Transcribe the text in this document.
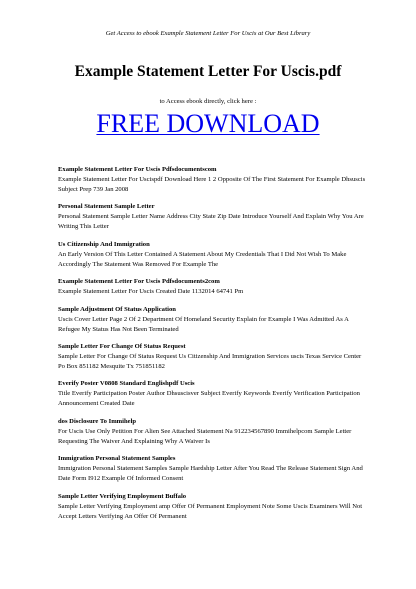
Get Access to ebook Example Statement Letter For Uscis at Our Best Library
Example Statement Letter For Uscis.pdf
to Access ebook directly, click here :
FREE DOWNLOAD
Example Statement Letter For Uscis Pdfsdocumentscom
Example Statement Letter For Uscispdf Download Here 1 2 Opposite Of The First Statement For Example Dhsuscis Subject Prep 739 Jan 2008
Personal Statement Sample Letter
Personal Statement Sample Letter Name Address City State Zip Date Introduce Yourself And Explain Why You Are Writing This Letter
Us Citizenship And Immigration
An Early Version Of This Letter Contained A Statement About My Credentials That I Did Not Wish To Make Accordingly The Statement Was Removed For Example The
Example Statement Letter For Uscis Pdfsdocuments2com
Example Statement Letter For Uscis Created Date 1132014 64741 Pm
Sample Adjustment Of Status Application
Uscis Cover Letter Page 2 Of 2 Department Of Homeland Security Explain for Example I Was Admitted As A Refugee My Status Has Not Been Terminated
Sample Letter For Change Of Status Request
Sample Letter For Change Of Status Request Us Citizenship And Immigration Services uscis Texas Service Center Po Box 851182 Mesquite Tx 751851182
Everify Poster V0808 Standard Englishpdf Uscis
Title Everify Participation Poster Author Dhsuscisver Subject Everify Keywords Everify Verification Participation Announcement Created Date
dos Disclosure To Immihelp
For Uscis Use Only Petition For Alien See Attached Statement Na 912234567890 Immihelpcom Sample Letter Requesting The Waiver And Explaining Why A Waiver Is
Immigration Personal Statement Samples
Immigration Personal Statement Samples Sample Hardship Letter After You Read The Release Statement Sign And Date Form I912 Example Of Informed Consent
Sample Letter Verifying Employment Buffalo
Sample Letter Verifying Employment amp Offer Of Permanent Employment Note Some Uscis Examiners Will Not Accept Letters Verifying An Offer Of Permanent
